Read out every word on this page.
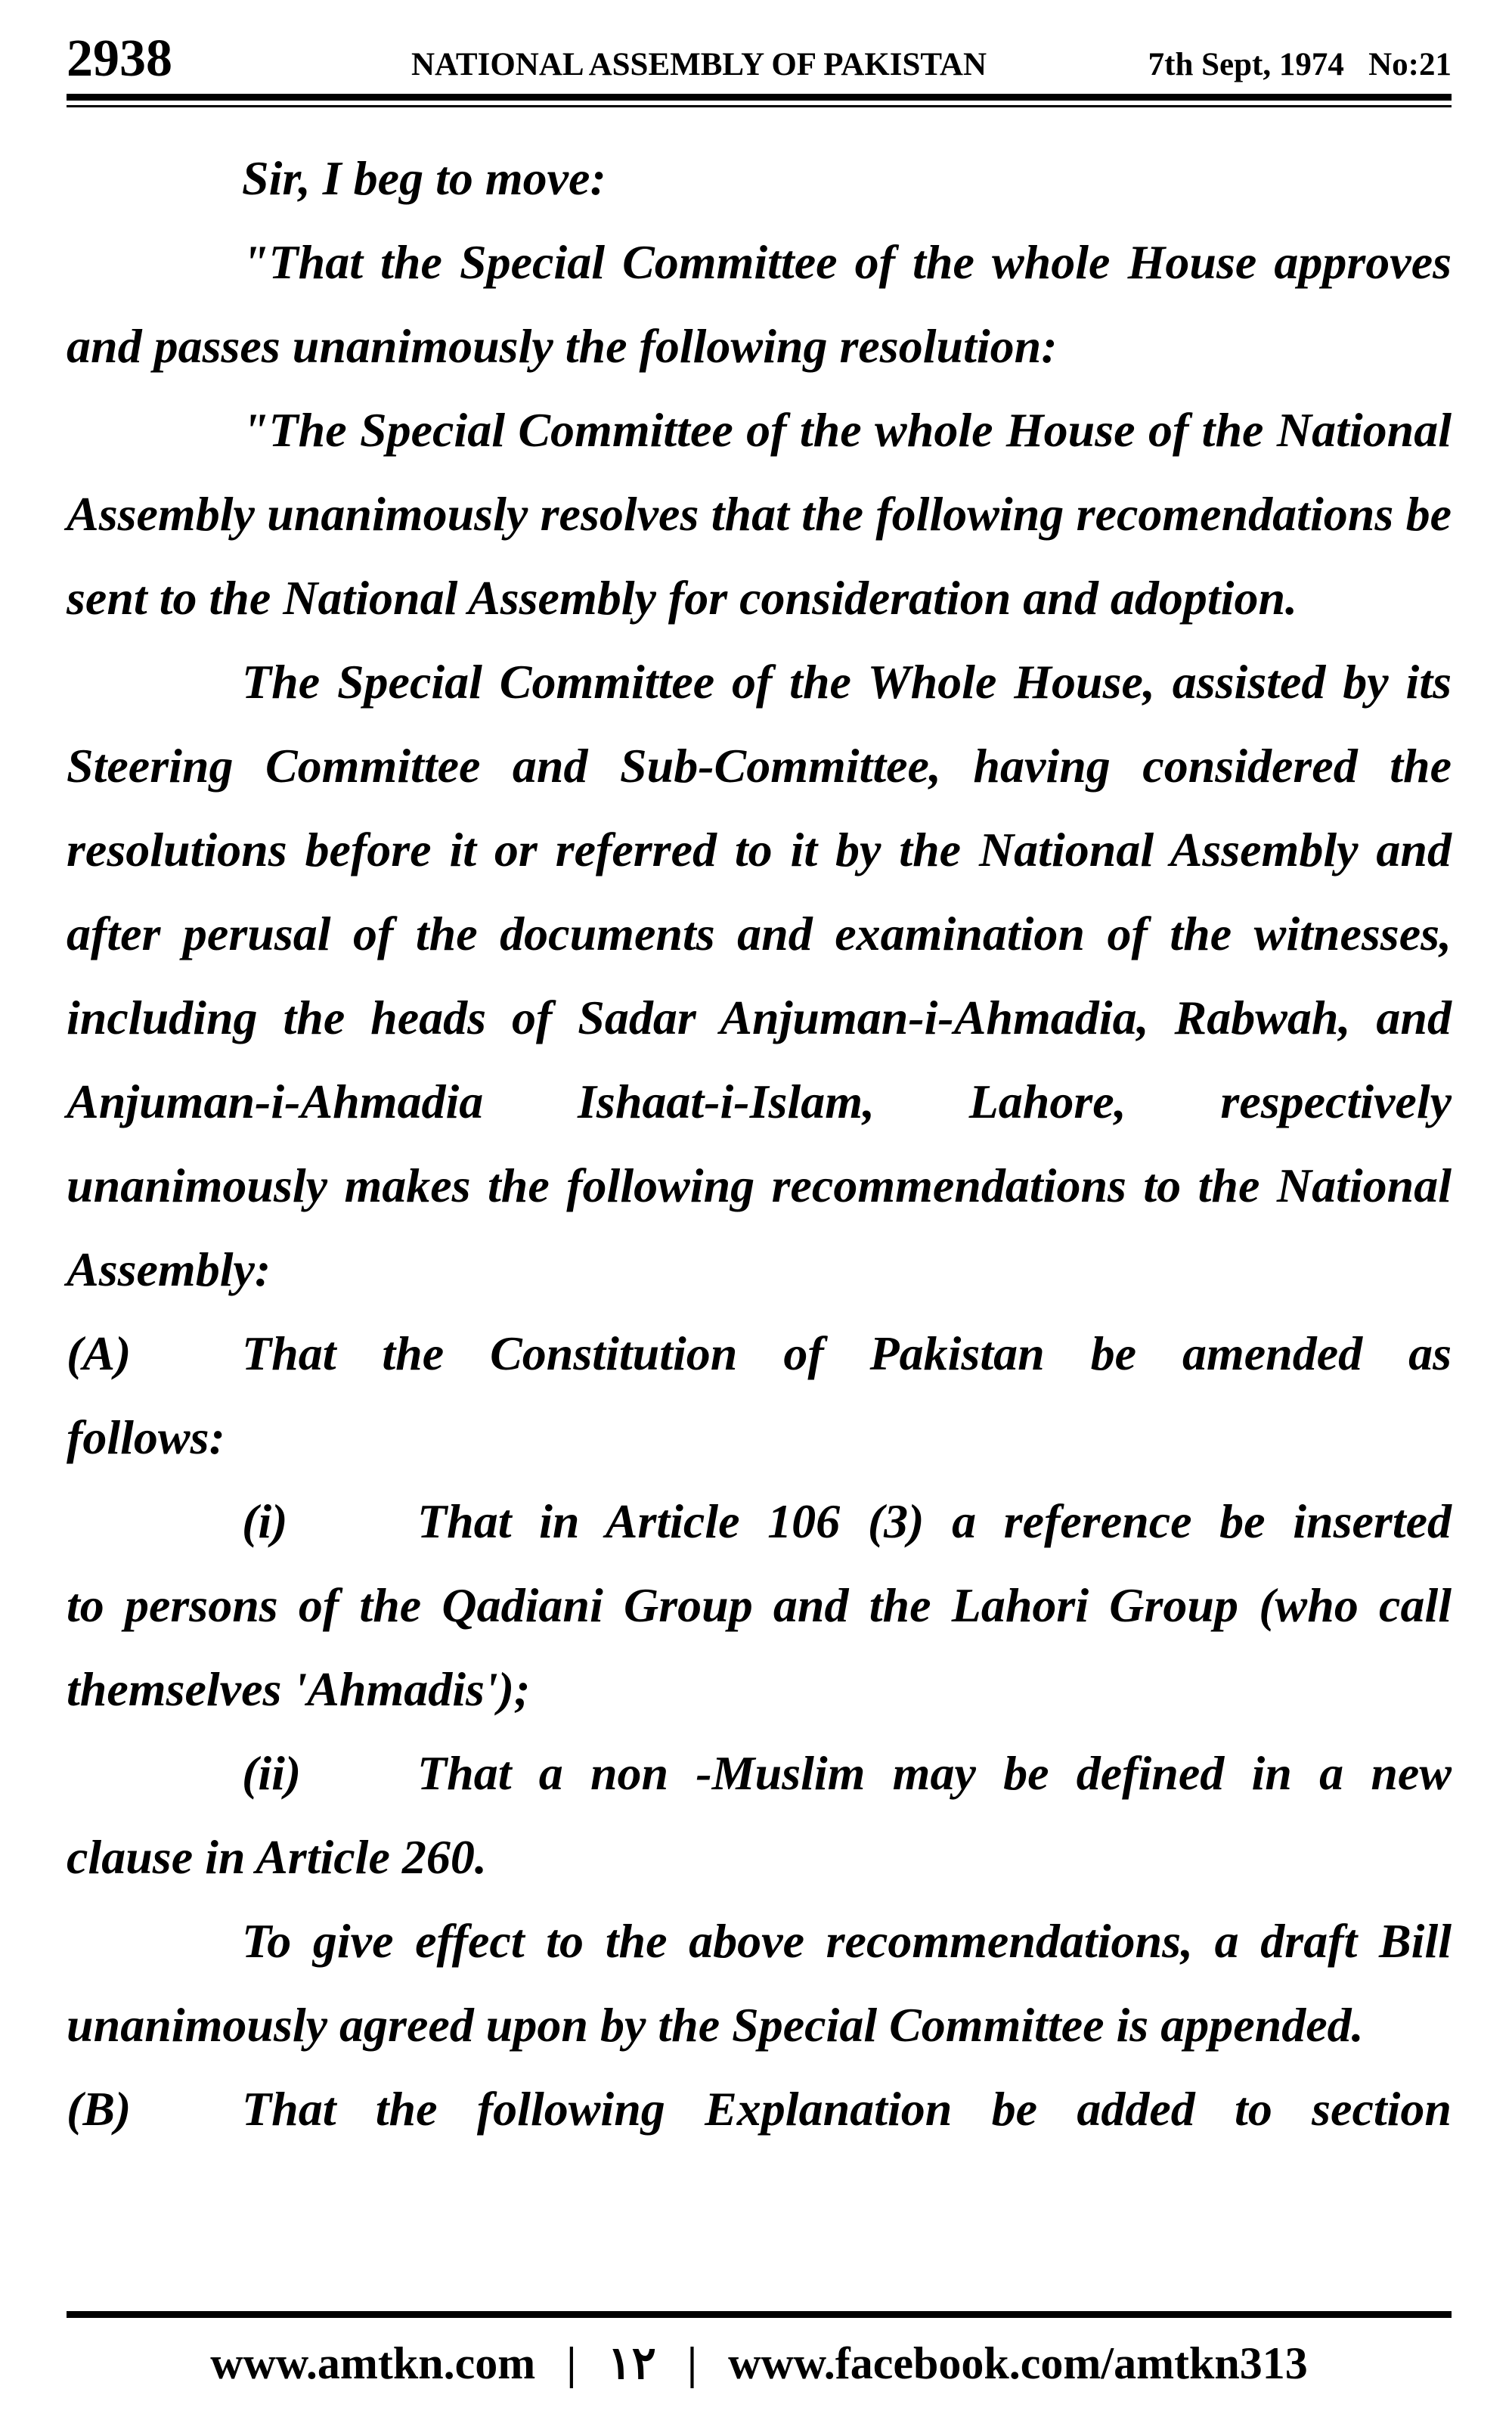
2938	NATIONAL ASSEMBLY OF PAKISTAN	7th Sept, 1974   No:21

Sir, I beg to move:

"That the Special Committee of the whole House approves and passes unanimously the following resolution:

"The Special Committee of the whole House of the National Assembly unanimously resolves that the following recomendations be sent to the National Assembly for consideration and adoption.

The Special Committee of the Whole House, assisted by its Steering Committee and Sub-Committee, having considered the resolutions before it or referred to it by the National Assembly and after perusal of the documents and examination of the witnesses, including the heads of Sadar Anjuman-i-Ahmadia, Rabwah, and Anjuman-i-Ahmadia Ishaat-i-Islam, Lahore, respectively unanimously makes the following recommendations to the National Assembly:

(A)	That the Constitution of Pakistan be amended as

follows:

(i)	That in Article 106 (3) a reference be inserted

to persons of the Qadiani Group and the Lahori Group (who call themselves 'Ahmadis');

(ii)	That a non -Muslim may be defined in a new

clause in Article 260.

To give effect to the above recommendations, a draft Bill unanimously agreed upon by the Special Committee is appended.

(B)	That the following Explanation be added to section
www.amtkn.com | ۱۲ | www.facebook.com/amtkn313
